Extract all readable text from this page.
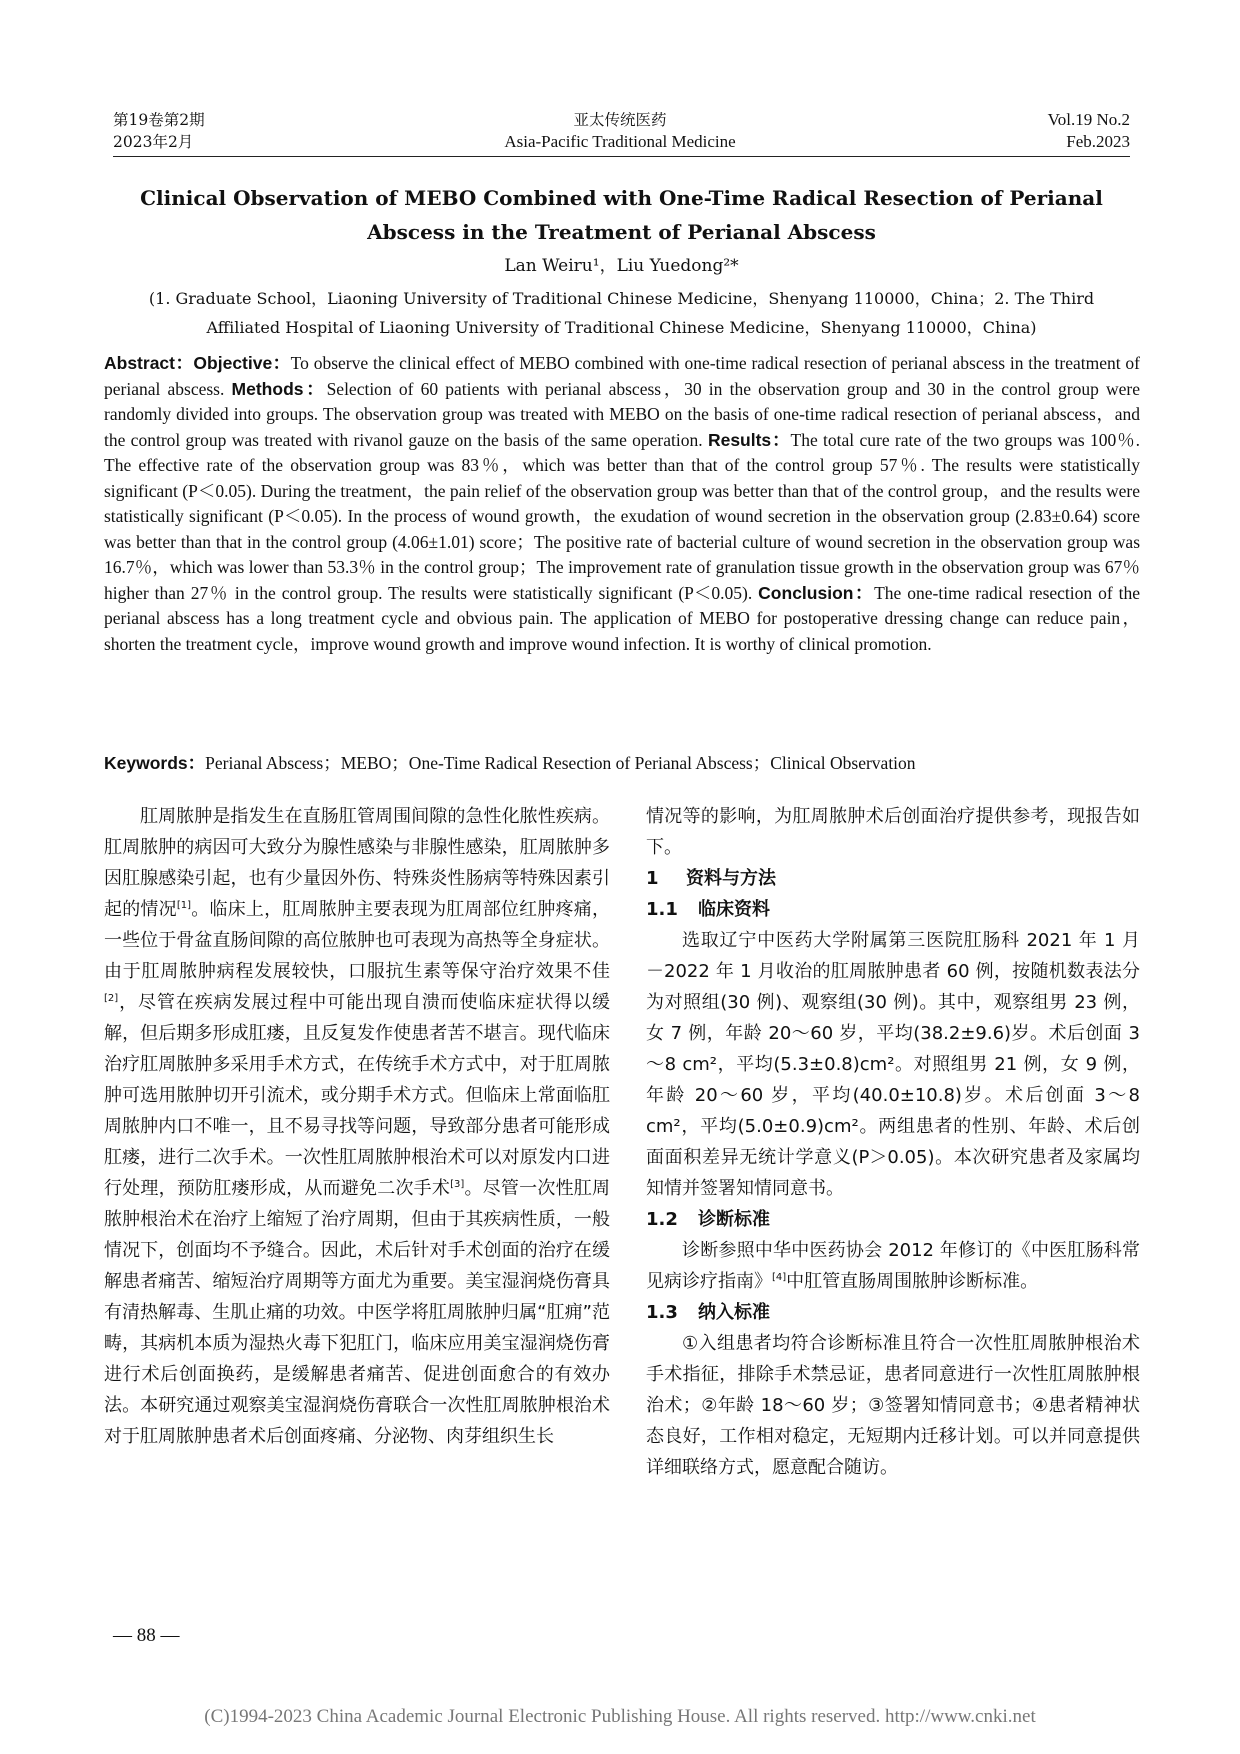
第19卷第2期
2023年2月
亚太传统医药
Asia-Pacific Traditional Medicine
Vol.19 No.2
Feb.2023
Clinical Observation of MEBO Combined with One-Time Radical Resection of Perianal Abscess in the Treatment of Perianal Abscess
Lan Weiru¹，Liu Yuedong²*
(1. Graduate School，Liaoning University of Traditional Chinese Medicine，Shenyang 110000，China；2. The Third Affiliated Hospital of Liaoning University of Traditional Chinese Medicine，Shenyang 110000，China)
Abstract：Objective：To observe the clinical effect of MEBO combined with one-time radical resection of perianal abscess in the treatment of perianal abscess. Methods：Selection of 60 patients with perianal abscess，30 in the observation group and 30 in the control group were randomly divided into groups. The observation group was treated with MEBO on the basis of one-time radical resection of perianal abscess，and the control group was treated with rivanol gauze on the basis of the same operation. Results：The total cure rate of the two groups was 100％. The effective rate of the observation group was 83％，which was better than that of the control group 57％. The results were statistically significant (P＜0.05). During the treatment，the pain relief of the observation group was better than that of the control group，and the results were statistically significant (P＜0.05). In the process of wound growth，the exudation of wound secretion in the observation group (2.83±0.64) score was better than that in the control group (4.06±1.01) score；The positive rate of bacterial culture of wound secretion in the observation group was 16.7％，which was lower than 53.3％ in the control group；The improvement rate of granulation tissue growth in the observation group was 67％ higher than 27％ in the control group. The results were statistically significant (P＜0.05). Conclusion：The one-time radical resection of the perianal abscess has a long treatment cycle and obvious pain. The application of MEBO for postoperative dressing change can reduce pain，shorten the treatment cycle，improve wound growth and improve wound infection. It is worthy of clinical promotion.
Keywords：Perianal Abscess；MEBO；One-Time Radical Resection of Perianal Abscess；Clinical Observation

肛周脓肿是指发生在直肠肛管周围间隙的急性化脓性疾病。肛周脓肿的病因可大致分为腺性感染与非腺性感染，肛周脓肿多因肛腺感染引起，也有少量因外伤、特殊炎性肠病等特殊因素引起的情况[1]。临床上，肛周脓肿主要表现为肛周部位红肿疼痛，一些位于骨盆直肠间隙的高位脓肿也可表现为高热等全身症状。由于肛周脓肿病程发展较快，口服抗生素等保守治疗效果不佳[2]，尽管在疾病发展过程中可能出现自溃而使临床症状得以缓解，但后期多形成肛瘘，且反复发作使患者苦不堪言。现代临床治疗肛周脓肿多采用手术方式，在传统手术方式中，对于肛周脓肿可选用脓肿切开引流术，或分期手术方式。但临床上常面临肛周脓肿内口不唯一，且不易寻找等问题，导致部分患者可能形成肛瘘，进行二次手术。一次性肛周脓肿根治术可以对原发内口进行处理，预防肛瘘形成，从而避免二次手术[3]。尽管一次性肛周脓肿根治术在治疗上缩短了治疗周期，但由于其疾病性质，一般情况下，创面均不予缝合。因此，术后针对手术创面的治疗在缓解患者痛苦、缩短治疗周期等方面尤为重要。美宝湿润烧伤膏具有清热解毒、生肌止痛的功效。中医学将肛周脓肿归属“肛痈”范畴，其病机本质为湿热火毒下犯肛门，临床应用美宝湿润烧伤膏进行术后创面换药，是缓解患者痛苦、促进创面愈合的有效办法。本研究通过观察美宝湿润烧伤膏联合一次性肛周脓肿根治术对于肛周脓肿患者术后创面疼痛、分泌物、肉芽组织生长

情况等的影响，为肛周脓肿术后创面治疗提供参考，现报告如下。

1 资料与方法

1.1 临床资料

选取辽宁中医药大学附属第三医院肛肠科 2021 年 1 月－2022 年 1 月收治的肛周脓肿患者 60 例，按随机数表法分为对照组(30 例)、观察组(30 例)。其中，观察组男 23 例，女 7 例，年龄 20～60 岁，平均(38.2±9.6)岁。术后创面 3～8 cm²，平均(5.3±0.8)cm²。对照组男 21 例，女 9 例，年龄 20～60 岁，平均(40.0±10.8)岁。术后创面 3～8 cm²，平均(5.0±0.9)cm²。两组患者的性别、年龄、术后创面面积差异无统计学意义(P＞0.05)。本次研究患者及家属均知情并签署知情同意书。

1.2 诊断标准

诊断参照中华中医药协会 2012 年修订的《中医肛肠科常见病诊疗指南》[4]中肛管直肠周围脓肿诊断标准。

1.3 纳入标准

①入组患者均符合诊断标准且符合一次性肛周脓肿根治术手术指征，排除手术禁忌证，患者同意进行一次性肛周脓肿根治术；②年龄 18～60 岁；③签署知情同意书；④患者精神状态良好，工作相对稳定，无短期内迁移计划。可以并同意提供详细联络方式，愿意配合随访。

— 88 —
(C)1994-2023 China Academic Journal Electronic Publishing House. All rights reserved. http://www.cnki.net
